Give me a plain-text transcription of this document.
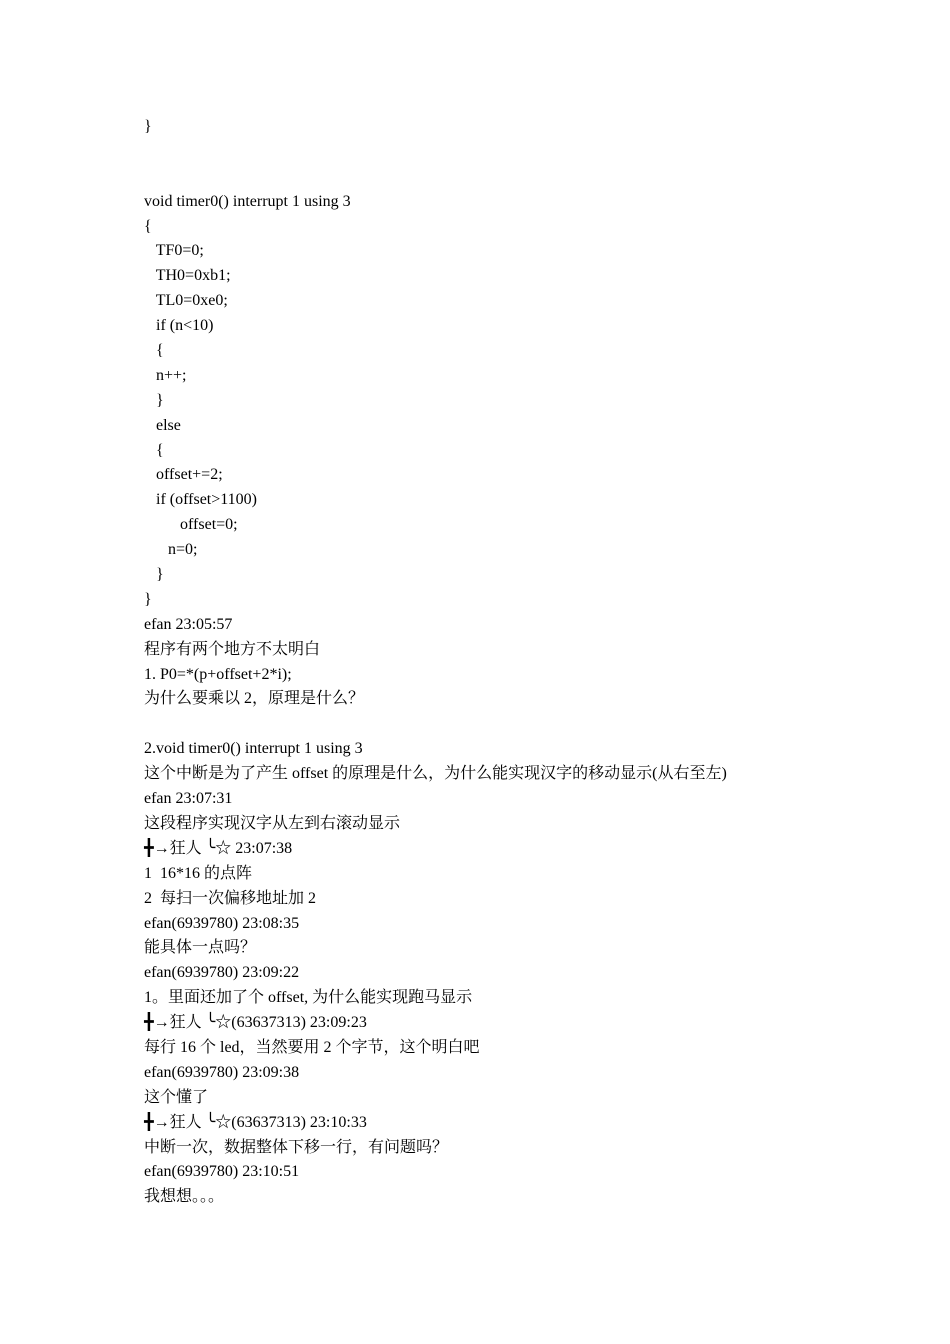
}

void timer0() interrupt 1 using 3

{

TF0=0;

TH0=0xb1;

TL0=0xe0;

if (n<10)

{

n++;

}

else

{

offset+=2;

if (offset>1100)

offset=0;

n=0;

}

}

efan 23:05:57

程序有两个地方不太明白

1. P0=*(p+offset+2*i);

为什么要乘以 2，原理是什么？

2.void timer0() interrupt 1 using 3

这个中断是为了产生 offset 的原理是什么，为什么能实现汉字的移动显示(从右至左)

efan 23:07:31

这段程序实现汉字从左到右滚动显示

╋→狂人 ╰☆ 23:07:38

1  16*16 的点阵

2  每扫一次偏移地址加 2

efan(6939780) 23:08:35

能具体一点吗？

efan(6939780) 23:09:22

1。里面还加了个 offset, 为什么能实现跑马显示

╋→狂人 ╰☆(63637313) 23:09:23

每行 16 个 led，当然要用 2 个字节，这个明白吧

efan(6939780) 23:09:38

这个懂了

╋→狂人 ╰☆(63637313) 23:10:33

中断一次，数据整体下移一行，有问题吗？

efan(6939780) 23:10:51

我想想。。。
